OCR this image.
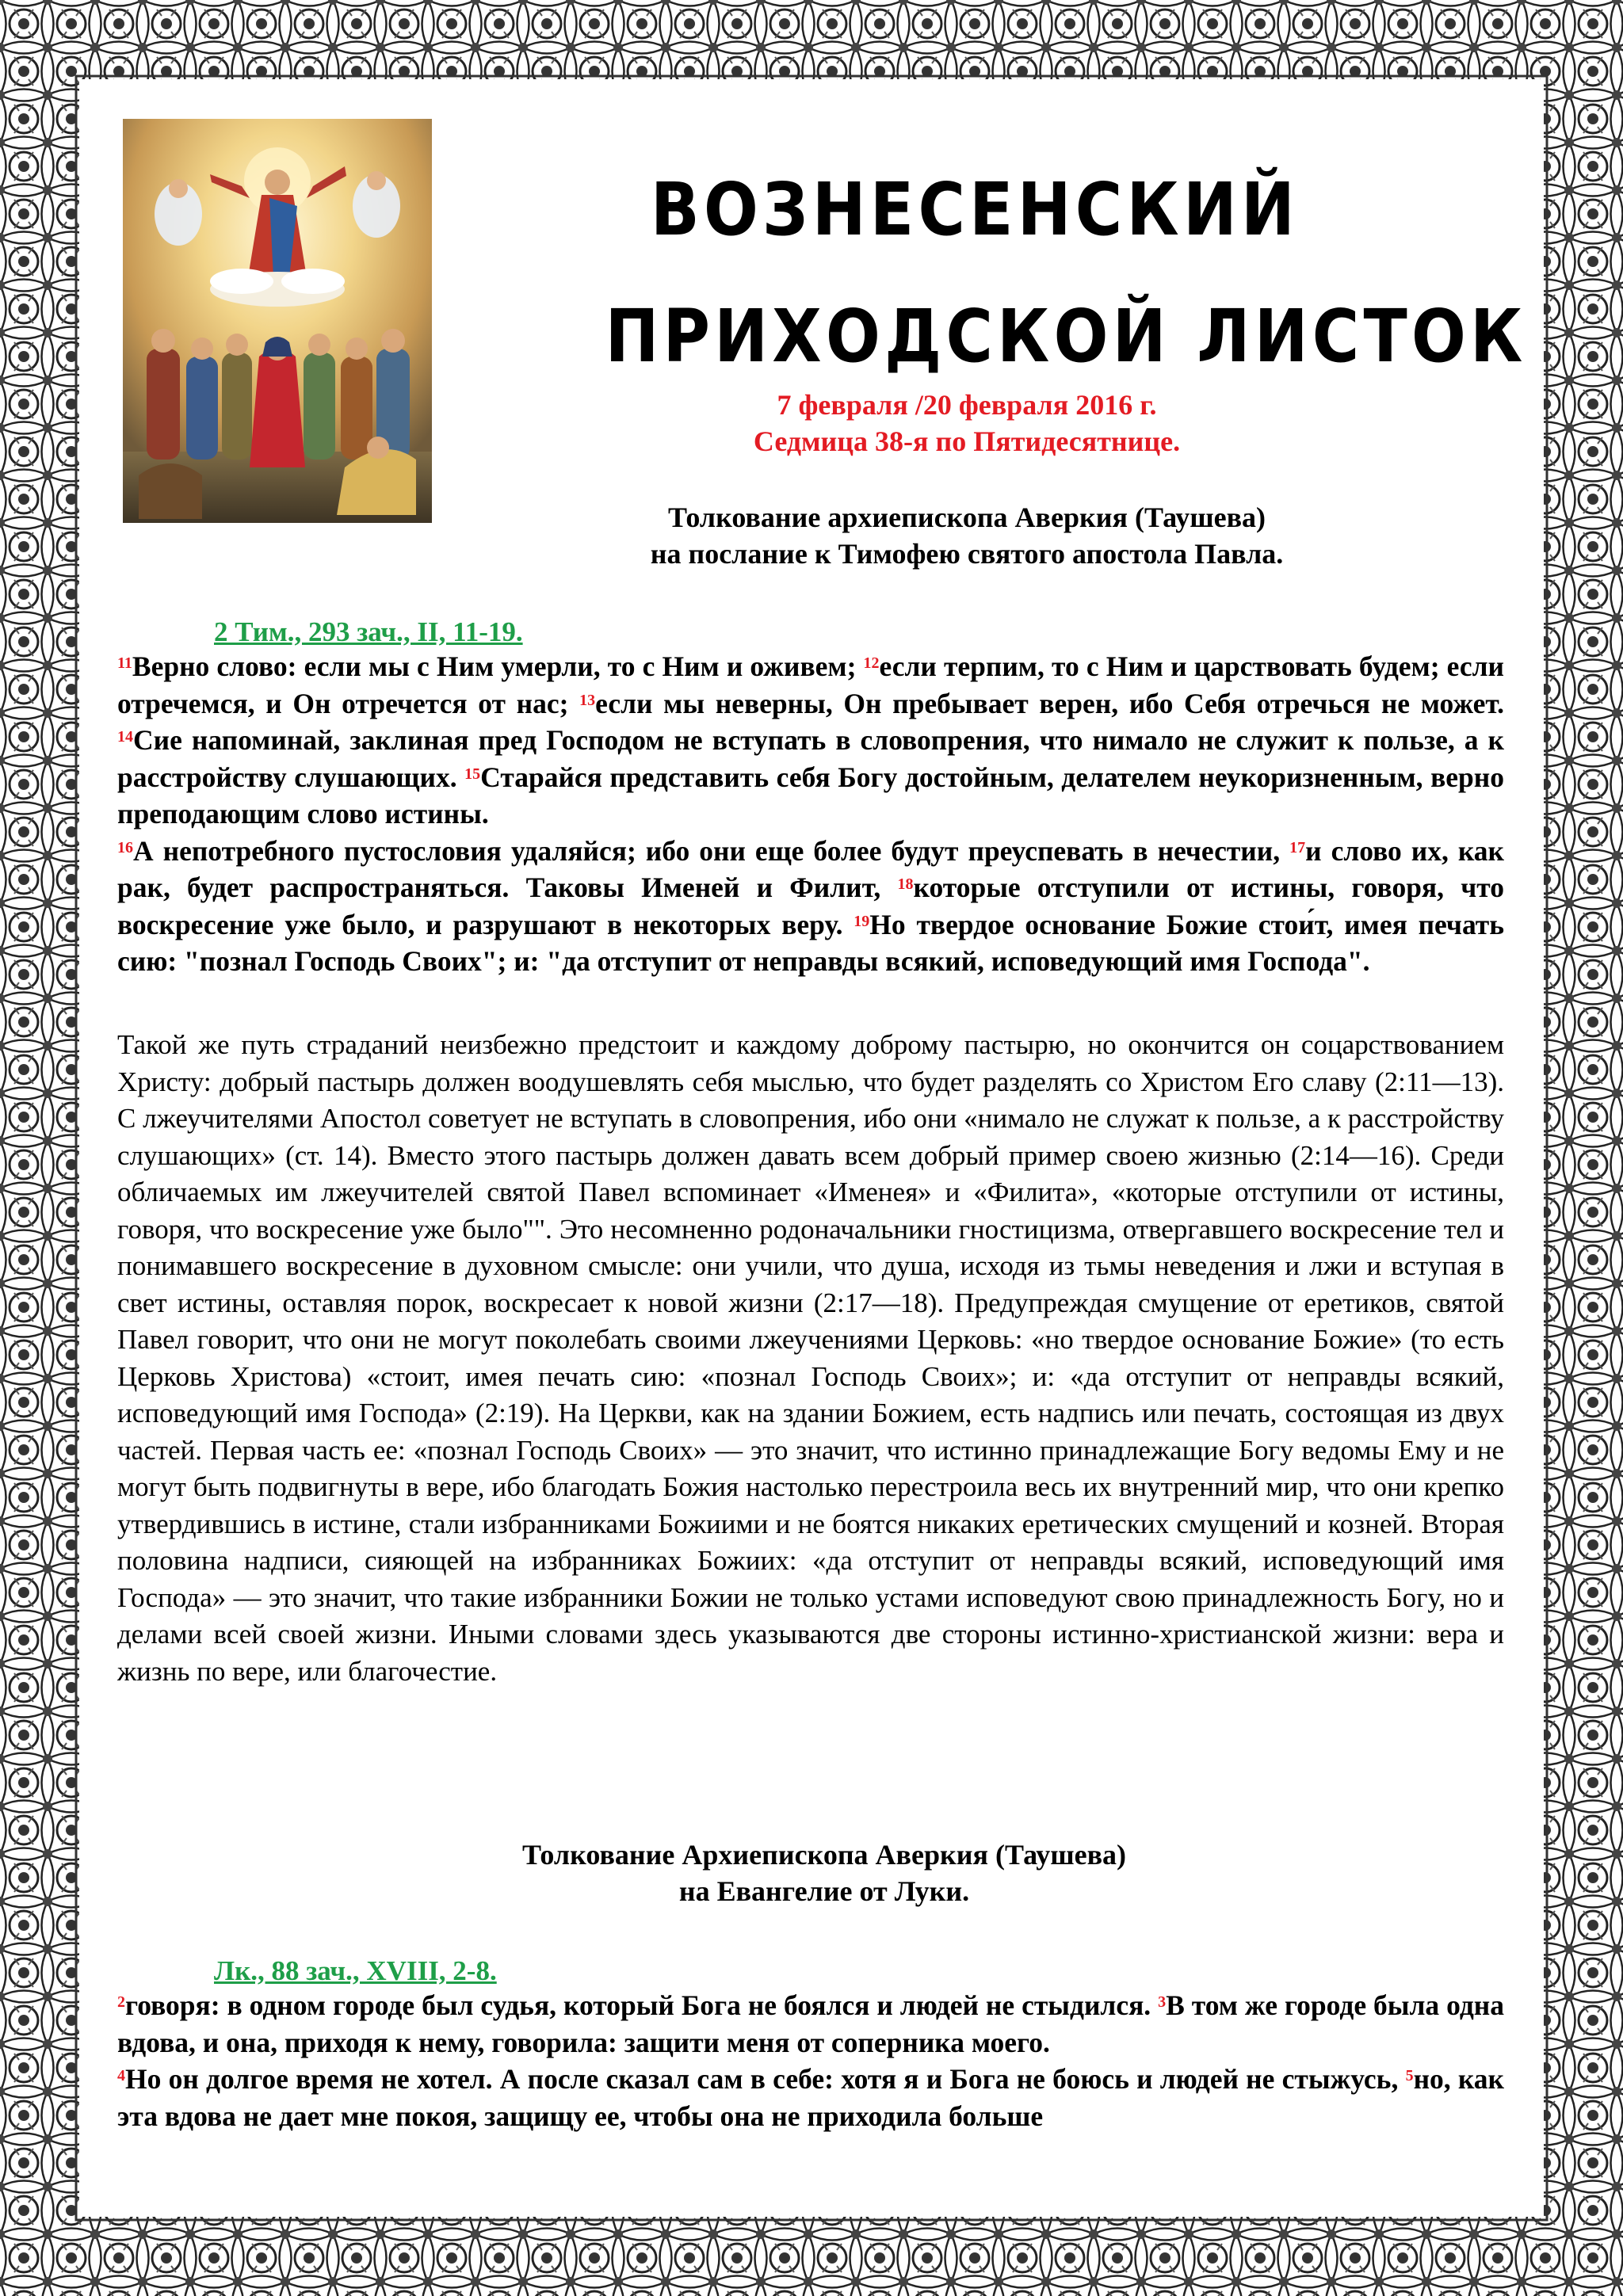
ВОЗНЕСЕНСКИЙ
ПРИХОДСКОЙ ЛИСТОК
7 февраля /20 февраля 2016 г.
Седмица 38-я по Пятидесятнице.
Толкование архиепископа Аверкия (Таушева)
на послание к Тимофею святого апостола Павла.
2 Тим., 293 зач., II, 11-19.
$^{11}$Верно слово: если мы с Ним умерли, то с Ним и оживем; $^{12}$если терпим, то с Ним и царствовать будем; если отречемся, и Он отречется от нас; $^{13}$если мы неверны, Он пребывает верен, ибо Себя отречься не может. $^{14}$Сие напоминай, заклиная пред Господом не вступать в словопрения, что нимало не служит к пользе, а к расстройству слушающих. $^{15}$Старайся представить себя Богу достойным, делателем неукоризненным, верно преподающим слово истины.
$^{16}$А непотребного пустословия удаляйся; ибо они еще более будут преуспевать в нечестии, $^{17}$и слово их, как рак, будет распространяться. Таковы Именей и Филит, $^{18}$которые отступили от истины, говоря, что воскресение уже было, и разрушают в некоторых веру. $^{19}$Но твердое основание Божие стои́т, имея печать сию: "познал Господь Своих"; и: "да отступит от неправды всякий, исповедующий имя Господа".
Такой же путь страданий неизбежно предстоит и каждому доброму пастырю, но окончится он соцарствованием Христу: добрый пастырь должен воодушевлять себя мыслью, что будет разделять со Христом Его славу (2:11—13). С лжеучителями Апостол советует не вступать в словопрения, ибо они «нимало не служат к пользе, а к расстройству слушающих» (ст. 14). Вместо этого пастырь должен давать всем добрый пример своею жизнью (2:14—16). Среди обличаемых им лжеучителей святой Павел вспоминает «Именея» и «Филита», «которые отступили от истины, говоря, что воскресение уже было"". Это несомненно родоначальники гностицизма, отвергавшего воскресение тел и понимавшего воскресение в духовном смысле: они учили, что душа, исходя из тьмы неведения и лжи и вступая в свет истины, оставляя порок, воскресает к новой жизни (2:17—18). Предупреждая смущение от еретиков, святой Павел говорит, что они не могут поколебать своими лжеучениями Церковь: «но твердое основание Божие» (то есть Церковь Христова) «стоит, имея печать сию: «познал Господь Своих»; и: «да отступит от неправды всякий, исповедующий имя Господа» (2:19). На Церкви, как на здании Божием, есть надпись или печать, состоящая из двух частей. Первая часть ее: «познал Господь Своих» — это значит, что истинно принадлежащие Богу ведомы Ему и не могут быть подвигнуты в вере, ибо благодать Божия настолько перестроила весь их внутренний мир, что они крепко утвердившись в истине, стали избранниками Божиими и не боятся никаких еретических смущений и козней. Вторая половина надписи, сияющей на избранниках Божиих: «да отступит от неправды всякий, исповедующий имя Господа» — это значит, что такие избранники Божии не только устами исповедуют свою принадлежность Богу, но и делами всей своей жизни. Иными словами здесь указываются две стороны истинно-христианской жизни: вера и жизнь по вере, или благочестие.
Толкование Архиепископа Аверкия (Таушева)
на Евангелие от Луки.
Лк., 88 зач., XVIII, 2-8.
$^2$говоря: в одном городе был судья, который Бога не боялся и людей не стыдился. $^3$В том же городе была одна вдова, и она, приходя к нему, говорила: защити меня от соперника моего.
$^4$Но он долгое время не хотел. А после сказал сам в себе: хотя я и Бога не боюсь и людей не стыжусь, $^5$но, как эта вдова не дает мне покоя, защищу ее, чтобы она не приходила больше
